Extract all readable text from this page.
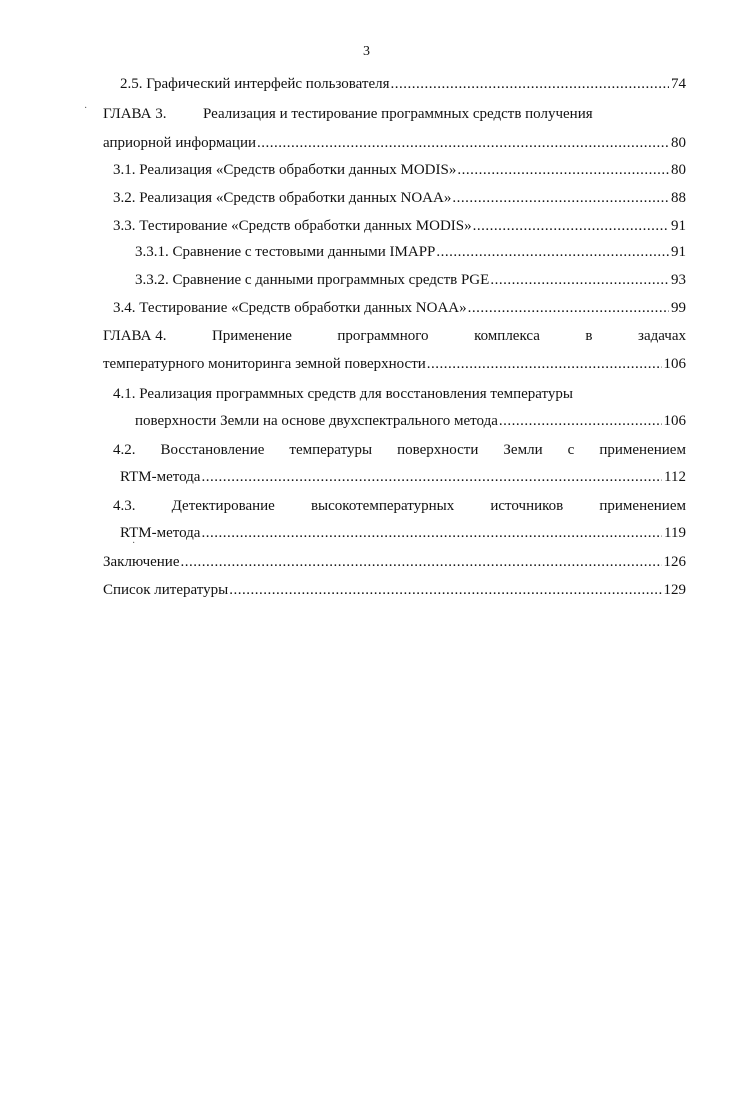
3
2.5. Графический интерфейс пользователя .....	74
ГЛАВА 3.	Реализация и тестирование программных средств получения
априорной информации .....	80
3.1. Реализация «Средств обработки данных MODIS» .....	80
3.2. Реализация «Средств обработки данных NOAA» .....	88
3.3. Тестирование «Средств обработки данных MODIS» .....	91
3.3.1. Сравнение с тестовыми данными IMAPP .....	91
3.3.2. Сравнение с данными программных средств PGE .....	93
3.4. Тестирование «Средств обработки данных NOAA» .....	99
ГЛАВА 4.	Применение	программного	комплекса	в	задачах
температурного мониторинга земной поверхности .....	106
4.1. Реализация программных средств для восстановления температуры
поверхности Земли на основе двухспектрального метода .....	106
4.2. Восстановление температуры поверхности Земли с применением
RTM-метода .....	112
4.3. Детектирование высокотемпературных источников применением
RTM-метода .....	119
Заключение .....	126
Список литературы .....	129
·
·
